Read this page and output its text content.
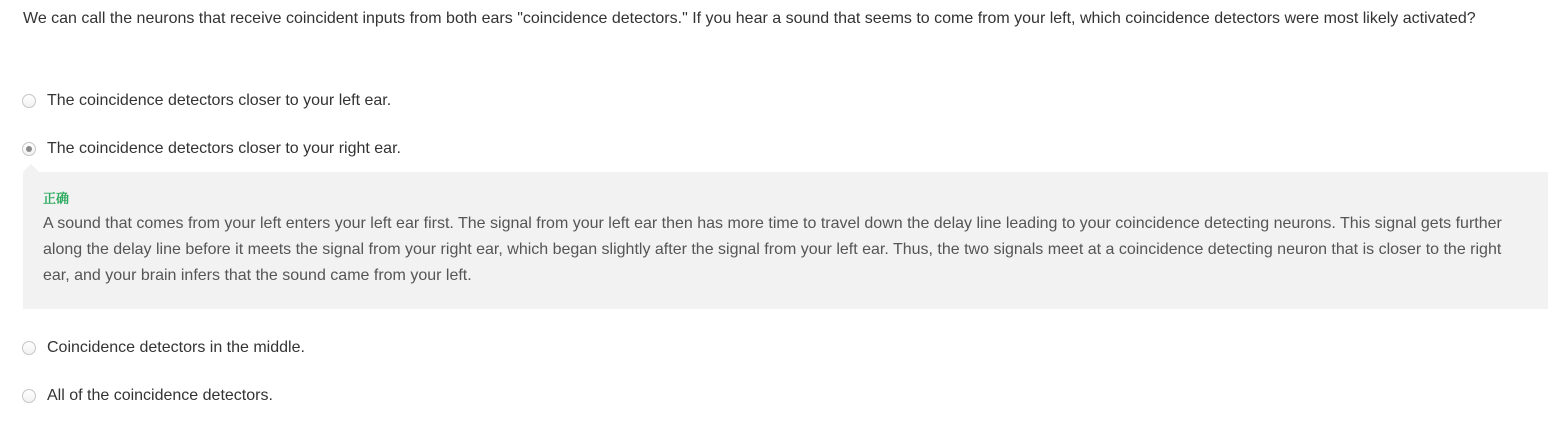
We can call the neurons that receive coincident inputs from both ears "coincidence detectors." If you hear a sound that seems to come from your left, which coincidence detectors were most likely activated?
The coincidence detectors closer to your left ear.
The coincidence detectors closer to your right ear.
正确
A sound that comes from your left enters your left ear first. The signal from your left ear then has more time to travel down the delay line leading to your coincidence detecting neurons. This signal gets further along the delay line before it meets the signal from your right ear, which began slightly after the signal from your left ear. Thus, the two signals meet at a coincidence detecting neuron that is closer to the right ear, and your brain infers that the sound came from your left.
Coincidence detectors in the middle.
All of the coincidence detectors.
